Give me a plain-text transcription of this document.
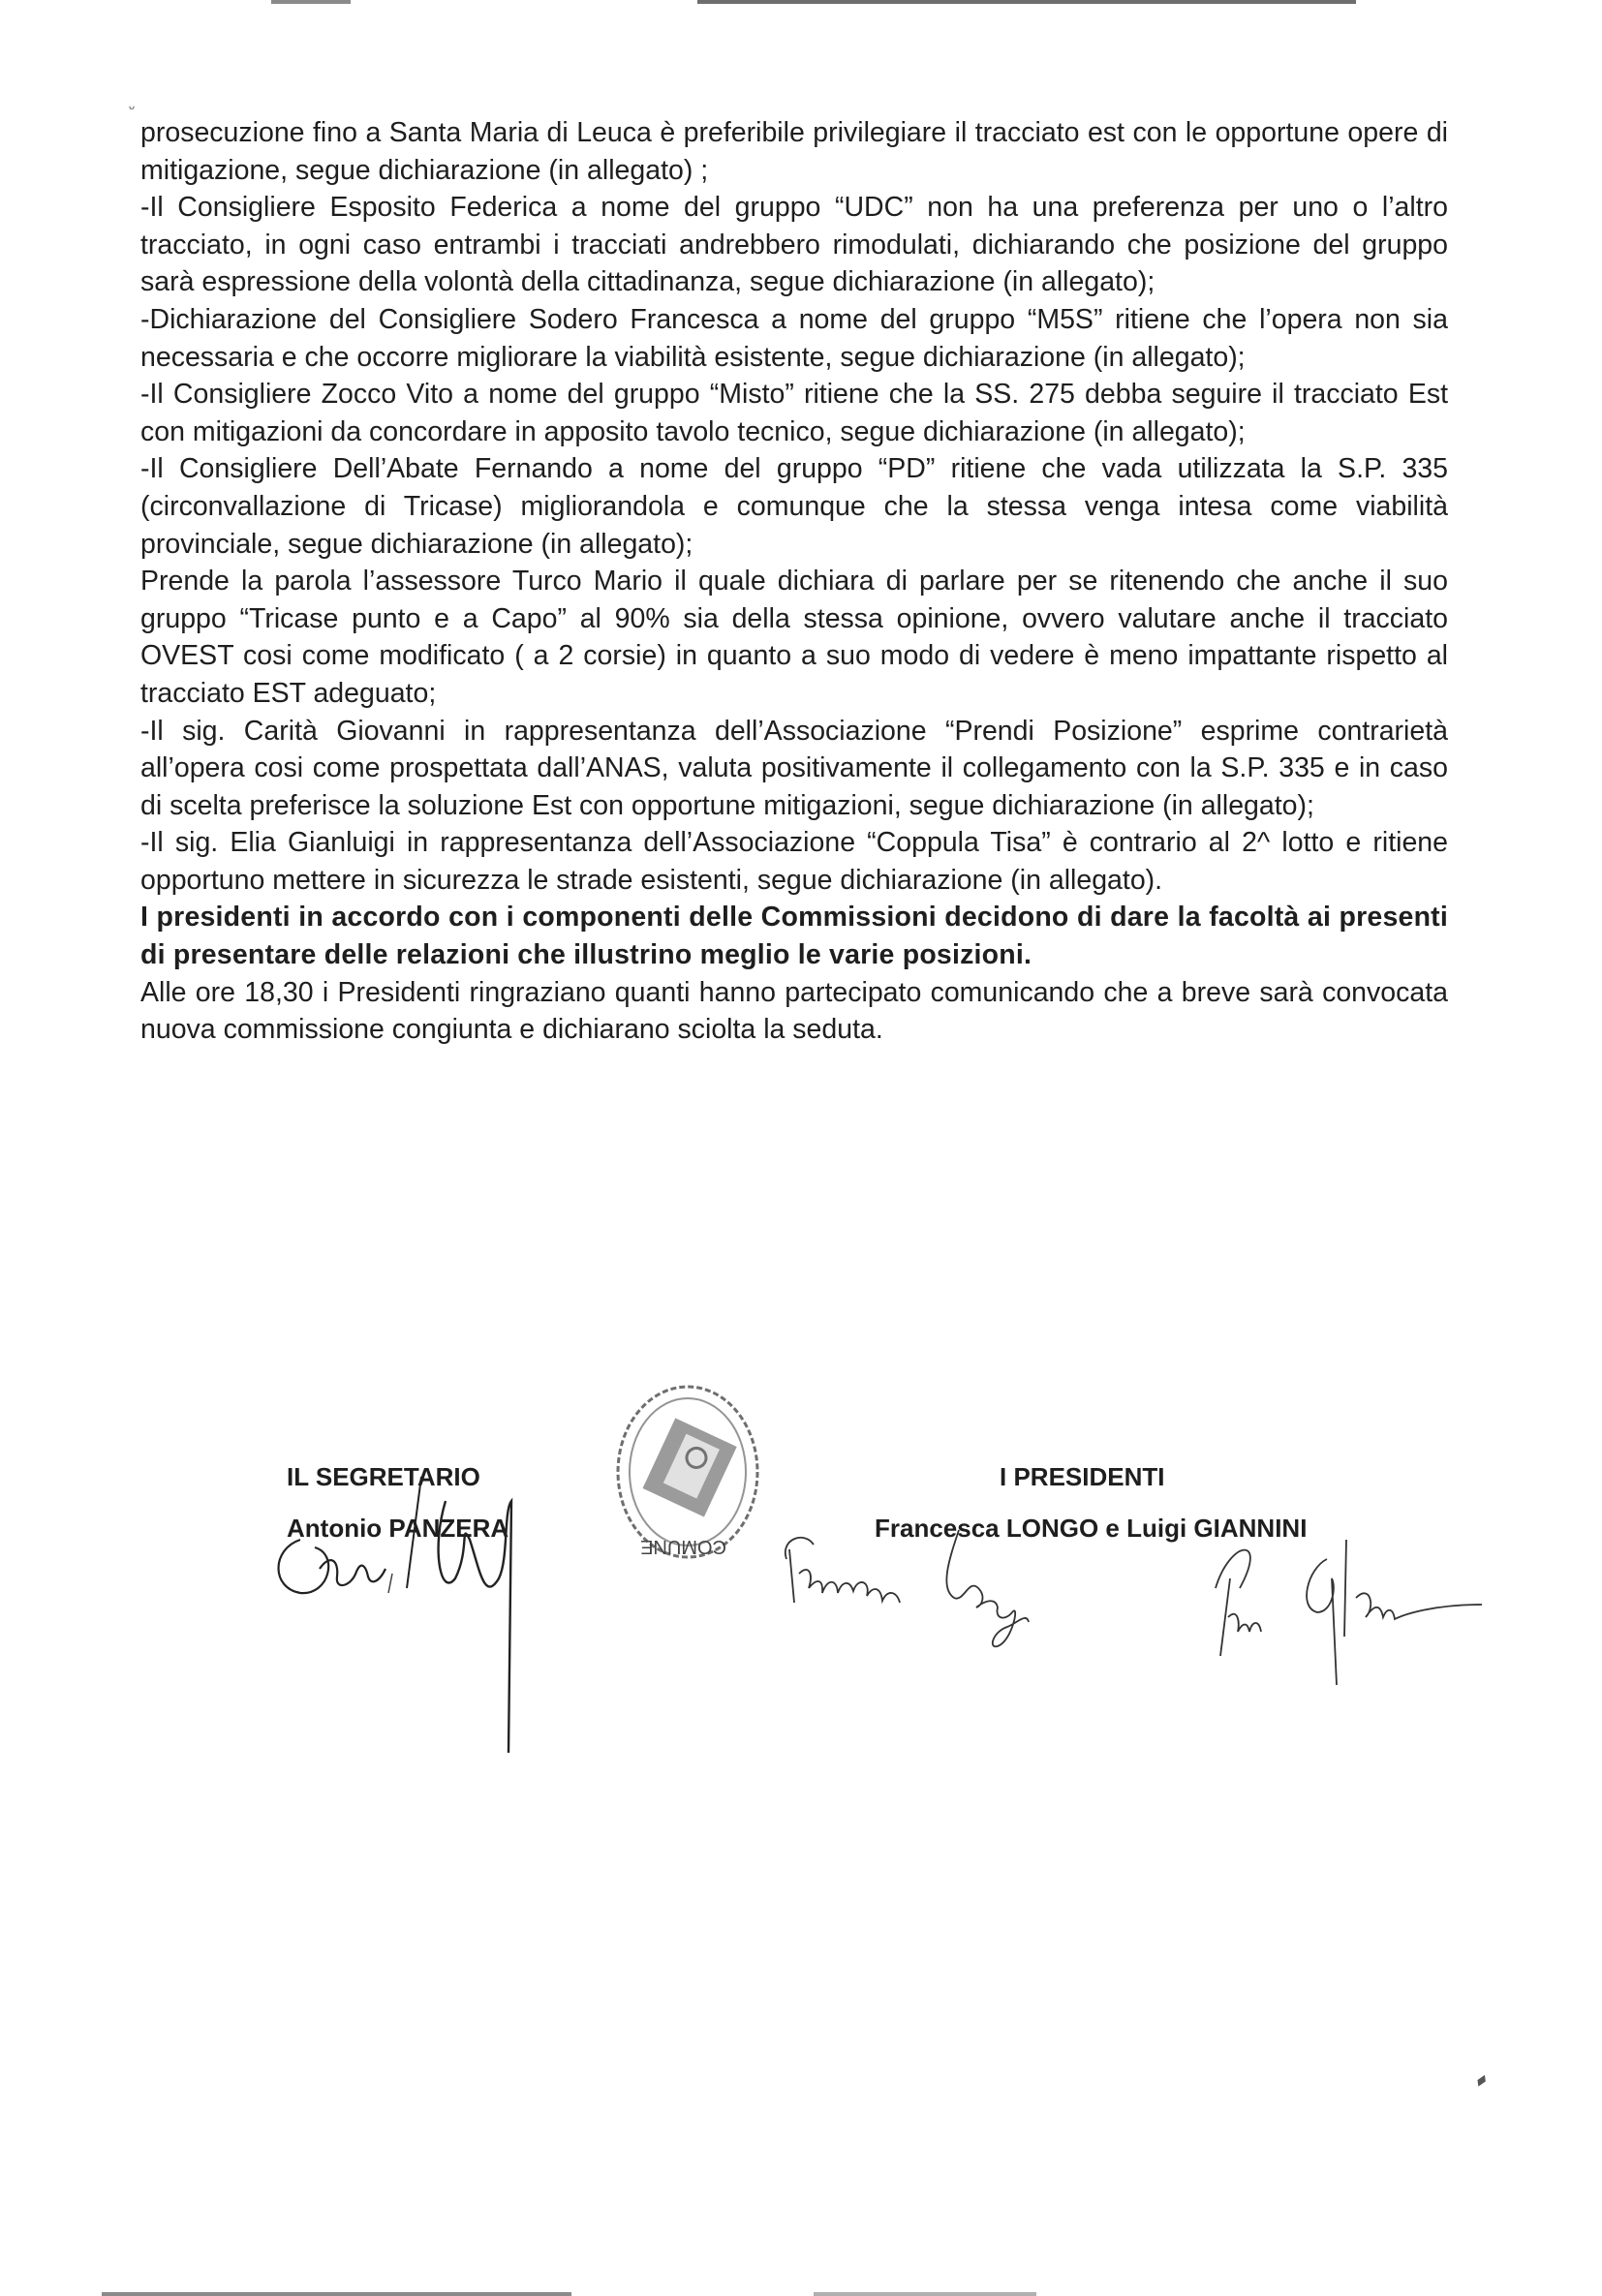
ᵕ
▰

prosecuzione fino a Santa Maria di Leuca è preferibile privilegiare il tracciato est con le opportune opere di mitigazione, segue dichiarazione (in allegato) ;

-Il Consigliere Esposito Federica a nome del gruppo “UDC” non ha una preferenza per uno o l’altro tracciato, in ogni caso entrambi i tracciati andrebbero rimodulati, dichiarando che posizione del gruppo sarà espressione della volontà della cittadinanza, segue dichiarazione (in allegato);

-Dichiarazione del Consigliere Sodero Francesca a nome del gruppo “M5S” ritiene che l’opera non sia necessaria e che occorre migliorare la viabilità esistente, segue dichiarazione (in allegato);

-Il Consigliere Zocco Vito a nome del gruppo “Misto” ritiene che la SS. 275 debba seguire il tracciato Est con mitigazioni da concordare in apposito tavolo tecnico, segue dichiarazione (in allegato);

-Il Consigliere Dell’Abate Fernando a nome del gruppo “PD” ritiene che vada utilizzata la S.P. 335 (circonvallazione di Tricase) migliorandola e comunque che la stessa venga intesa come viabilità provinciale, segue dichiarazione (in allegato);

Prende la parola l’assessore Turco Mario il quale dichiara di parlare per se ritenendo che anche il suo gruppo “Tricase punto e a Capo” al 90% sia della stessa opinione, ovvero valutare anche il tracciato OVEST cosi come modificato ( a 2 corsie) in quanto a suo modo di vedere è meno impattante rispetto al tracciato EST adeguato;

-Il sig. Carità Giovanni in rappresentanza dell’Associazione “Prendi Posizione” esprime contrarietà all’opera cosi come prospettata dall’ANAS, valuta positivamente il collegamento con la S.P. 335 e in caso di scelta preferisce la soluzione Est con opportune mitigazioni, segue dichiarazione (in allegato);

-Il sig. Elia Gianluigi in rappresentanza dell’Associazione “Coppula Tisa” è contrario al 2^ lotto e ritiene opportuno mettere in sicurezza le strade esistenti, segue dichiarazione (in allegato).

I presidenti in accordo con i componenti delle Commissioni decidono di dare la facoltà ai presenti di presentare delle relazioni che illustrino meglio le varie posizioni.

Alle ore 18,30 i Presidenti ringraziano quanti hanno partecipato comunicando che a breve sarà convocata nuova commissione congiunta e dichiarano sciolta la seduta.

IL SEGRETARIO
Antonio PANZERA
I PRESIDENTI
Francesca LONGO e Luigi GIANNINI
COMUNE
